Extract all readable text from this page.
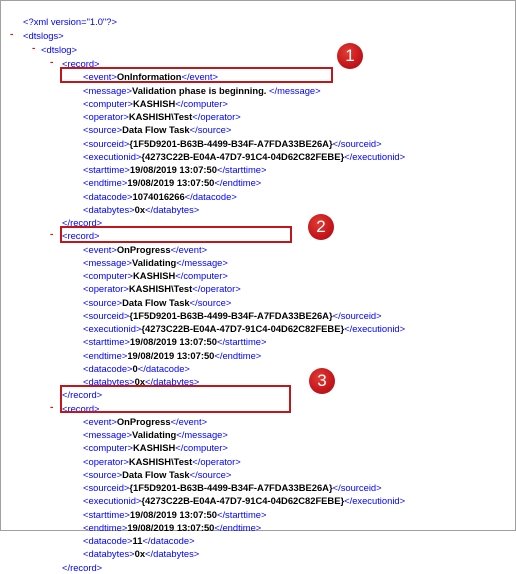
<?xml version="1.0"?>
- <dtslogs>
- <dtslog>
- <record>
<event>OnInformation</event>
<message>Validation phase is beginning. </message>
<computer>KASHISH</computer>
<operator>KASHISH\Test</operator>
<source>Data Flow Task</source>
<sourceid>{1F5D9201-B63B-4499-B34F-A7FDA33BE26A}</sourceid>
<executionid>{4273C22B-E04A-47D7-91C4-04D62C82FEBE}</executionid>
<starttime>19/08/2019 13:07:50</starttime>
<endtime>19/08/2019 13:07:50</endtime>
<datacode>1074016266</datacode>
<databytes>0x</databytes>
</record>
- <record>
<event>OnProgress</event>
<message>Validating</message>
<computer>KASHISH</computer>
<operator>KASHISH\Test</operator>
<source>Data Flow Task</source>
<sourceid>{1F5D9201-B63B-4499-B34F-A7FDA33BE26A}</sourceid>
<executionid>{4273C22B-E04A-47D7-91C4-04D62C82FEBE}</executionid>
<starttime>19/08/2019 13:07:50</starttime>
<endtime>19/08/2019 13:07:50</endtime>
<datacode>0</datacode>
<databytes>0x</databytes>
</record>
- <record>
<event>OnProgress</event>
<message>Validating</message>
<computer>KASHISH</computer>
<operator>KASHISH\Test</operator>
<source>Data Flow Task</source>
<sourceid>{1F5D9201-B63B-4499-B34F-A7FDA33BE26A}</sourceid>
<executionid>{4273C22B-E04A-47D7-91C4-04D62C82FEBE}</executionid>
<starttime>19/08/2019 13:07:50</starttime>
<endtime>19/08/2019 13:07:50</endtime>
<datacode>11</datacode>
<databytes>0x</databytes>
</record>
1
2
3
